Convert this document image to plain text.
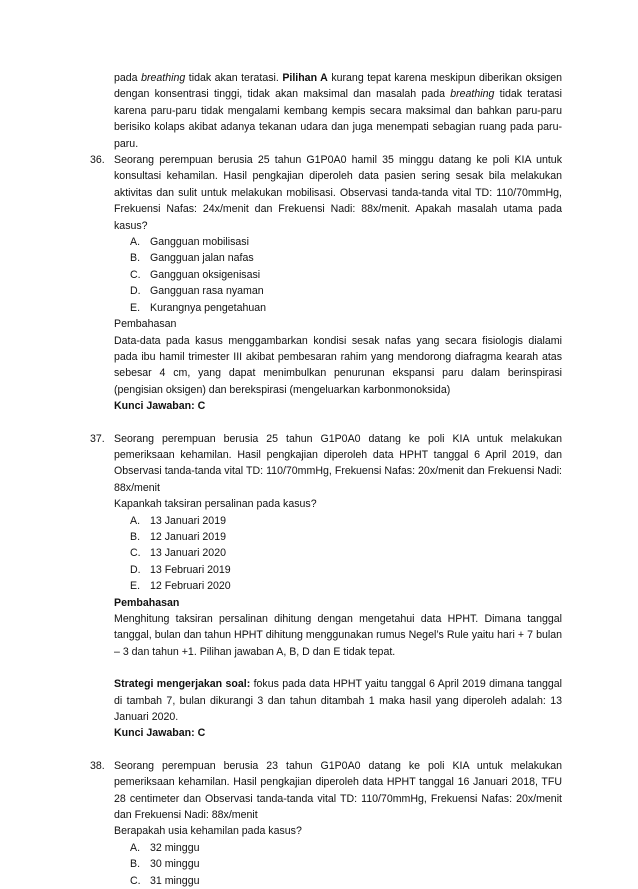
pada breathing tidak akan teratasi. Pilihan A kurang tepat karena meskipun diberikan oksigen dengan konsentrasi tinggi, tidak akan maksimal dan masalah pada breathing tidak teratasi karena paru-paru tidak mengalami kembang kempis secara maksimal dan bahkan paru-paru berisiko kolaps akibat adanya tekanan udara dan juga menempati sebagian ruang pada paru-paru.
36. Seorang perempuan berusia 25 tahun G1P0A0 hamil 35 minggu datang ke poli KIA untuk konsultasi kehamilan. Hasil pengkajian diperoleh data pasien sering sesak bila melakukan aktivitas dan sulit untuk melakukan mobilisasi. Observasi tanda-tanda vital TD: 110/70mmHg, Frekuensi Nafas: 24x/menit dan Frekuensi Nadi: 88x/menit. Apakah masalah utama pada kasus?
A. Gangguan mobilisasi
B. Gangguan jalan nafas
C. Gangguan oksigenisasi
D. Gangguan rasa nyaman
E. Kurangnya pengetahuan
Pembahasan
Data-data pada kasus menggambarkan kondisi sesak nafas yang secara fisiologis dialami pada ibu hamil trimester III akibat pembesaran rahim yang mendorong diafragma kearah atas sebesar 4 cm, yang dapat menimbulkan penurunan ekspansi paru dalam berinspirasi (pengisian oksigen) dan berekspirasi (mengeluarkan karbonmonoksida)
Kunci Jawaban: C
37. Seorang perempuan berusia 25 tahun G1P0A0 datang ke poli KIA untuk melakukan pemeriksaan kehamilan. Hasil pengkajian diperoleh data HPHT tanggal 6 April 2019, dan Observasi tanda-tanda vital TD: 110/70mmHg, Frekuensi Nafas: 20x/menit dan Frekuensi Nadi: 88x/menit
Kapankah taksiran persalinan pada kasus?
A. 13 Januari 2019
B. 12 Januari 2019
C. 13 Januari 2020
D. 13 Februari 2019
E. 12 Februari 2020
Pembahasan
Menghitung taksiran persalinan dihitung dengan mengetahui data HPHT. Dimana tanggal tanggal, bulan dan tahun HPHT dihitung menggunakan rumus Negel’s Rule yaitu hari + 7 bulan – 3 dan tahun +1. Pilihan jawaban A, B, D dan E tidak tepat.
Strategi mengerjakan soal: fokus pada data HPHT yaitu tanggal 6 April 2019 dimana tanggal di tambah 7, bulan dikurangi 3 dan tahun ditambah 1 maka hasil yang diperoleh adalah: 13 Januari 2020.
Kunci Jawaban: C
38. Seorang perempuan berusia 23 tahun G1P0A0 datang ke poli KIA untuk melakukan pemeriksaan kehamilan. Hasil pengkajian diperoleh data HPHT tanggal 16 Januari 2018, TFU 28 centimeter dan Observasi tanda-tanda vital TD: 110/70mmHg, Frekuensi Nafas: 20x/menit dan Frekuensi Nadi: 88x/menit
Berapakah usia kehamilan pada kasus?
A. 32 minggu
B. 30 minggu
C. 31 minggu
